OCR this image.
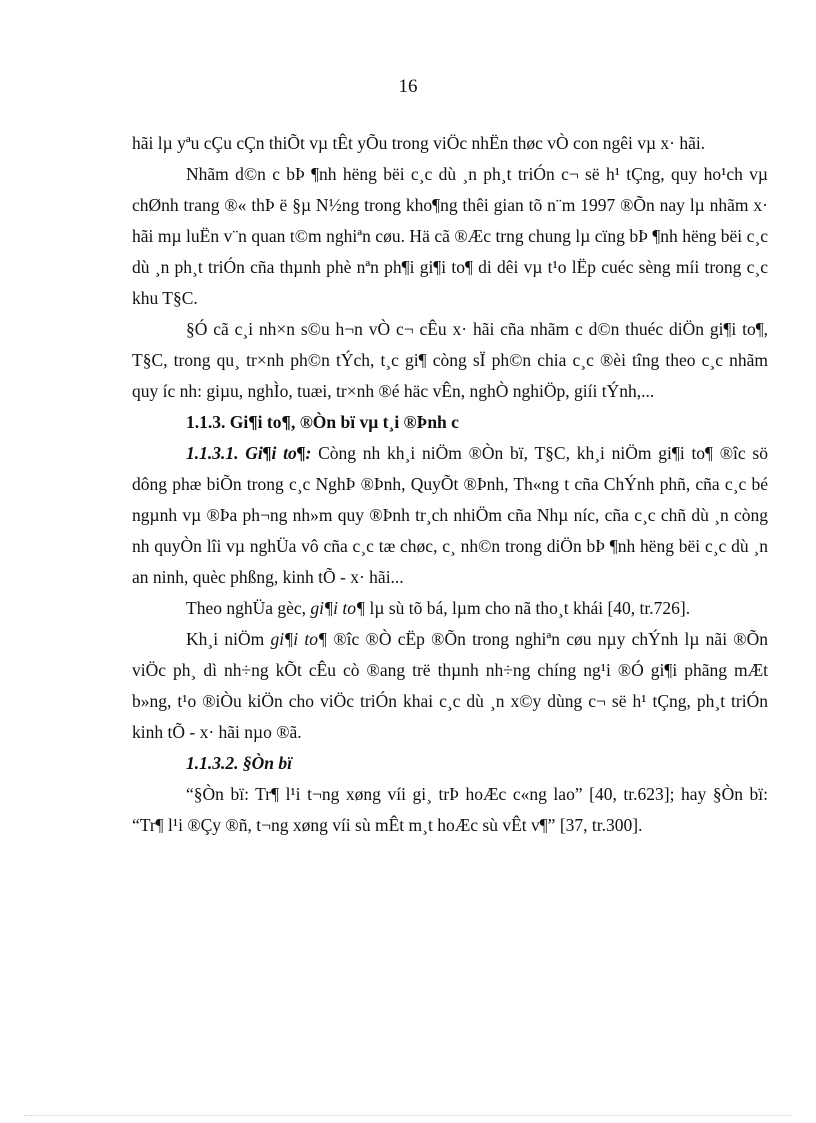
16

hãi lµ yªu cÇu cÇn thiÕt vµ tÊt yÕu trong viÖc nhËn thøc vÒ con ngêi vµ x· hãi.

Nhãm d©n c bÞ ¶nh hëng bëi c¸c dù ¸n ph¸t triÓn c¬ së h¹ tÇng, quy ho¹ch vµ chØnh trang ®« thÞ ë §µ N½ng trong kho¶ng thêi gian tõ n¨m 1997 ®Õn nay lµ nhãm x· hãi mµ luËn v¨n quan t©m nghiªn cøu. Hä cã ®Æc trng chung lµ cïng bÞ ¶nh hëng bëi c¸c dù ¸n ph¸t triÓn cña thµnh phè nªn ph¶i gi¶i to¶ di dêi vµ t¹o lËp cuéc sèng míi trong c¸c khu T§C.

§Ó cã c¸i nh×n s©u h¬n vÒ c¬ cÊu x· hãi cña nhãm c d©n thuéc diÖn gi¶i to¶, T§C, trong qu¸ tr×nh ph©n tÝch, t¸c gi¶ còng sÏ ph©n chia c¸c ®èi tîng theo c¸c nhãm quy íc nh: giµu, nghÌo, tuæi, tr×nh ®é häc vÊn, nghÒ nghiÖp, giíi tÝnh,...

1.1.3. Gi¶i to¶, ®Òn bï vµ t¸i ®Þnh c

1.1.3.1. Gi¶i to¶: Còng nh kh¸i niÖm ®Òn bï, T§C, kh¸i niÖm gi¶i to¶ ®îc sö dông phæ biÕn trong c¸c NghÞ ®Þnh, QuyÕt ®Þnh, Th«ng t cña ChÝnh phñ, cña c¸c bé ngµnh vµ ®Þa ph¬ng nh»m quy ®Þnh tr¸ch nhiÖm cña Nhµ níc, cña c¸c chñ dù ¸n còng nh quyÒn lîi vµ nghÜa vô cña c¸c tæ chøc, c¸ nh©n trong diÖn bÞ ¶nh hëng bëi c¸c dù ¸n an ninh, quèc phßng, kinh tÕ - x· hãi...

Theo nghÜa gèc, gi¶i to¶ lµ sù tõ bá, lµm cho nã tho¸t khái [40, tr.726].

Kh¸i niÖm gi¶i to¶ ®îc ®Ò cËp ®Õn trong nghiªn cøu nµy chÝnh lµ nãi ®Õn viÖc ph¸ dì nh÷ng kÕt cÊu cò ®ang trë thµnh nh÷ng chíng ng¹i ®Ó gi¶i phãng mÆt b»ng, t¹o ®iÒu kiÖn cho viÖc triÓn khai c¸c dù ¸n x©y dùng c¬ së h¹ tÇng, ph¸t triÓn kinh tÕ - x· hãi nµo ®ã.

1.1.3.2. §Òn bï

“§Òn bï: Tr¶ l¹i t¬ng xøng víi gi¸ trÞ hoÆc c«ng lao” [40, tr.623]; hay §Òn bï: “Tr¶ l¹i ®Çy ®ñ, t¬ng xøng víi sù mÊt m¸t hoÆc sù vÊt v¶” [37, tr.300].
